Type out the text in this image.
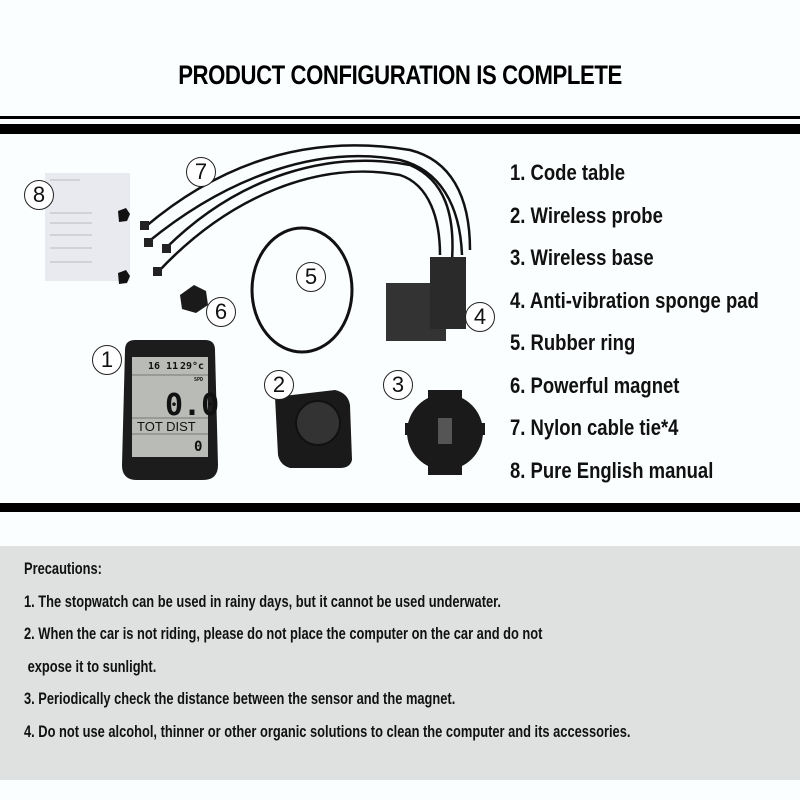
PRODUCT CONFIGURATION IS COMPLETE
16 11 29°c
SPD
0.0
TOT DIST
0
8
7
5
6	4
1
2	3
1. Code table
2. Wireless probe
3. Wireless base
4. Anti-vibration sponge pad
5. Rubber ring
6. Powerful magnet
7. Nylon cable tie*4
8. Pure English manual
Precautions:
1. The stopwatch can be used in rainy days, but it cannot be used underwater.
2. When the car is not riding, please do not place the computer on the car and do not
expose it to sunlight.
3. Periodically check the distance between the sensor and the magnet.
4. Do not use alcohol, thinner or other organic solutions to clean the computer and its accessories.
